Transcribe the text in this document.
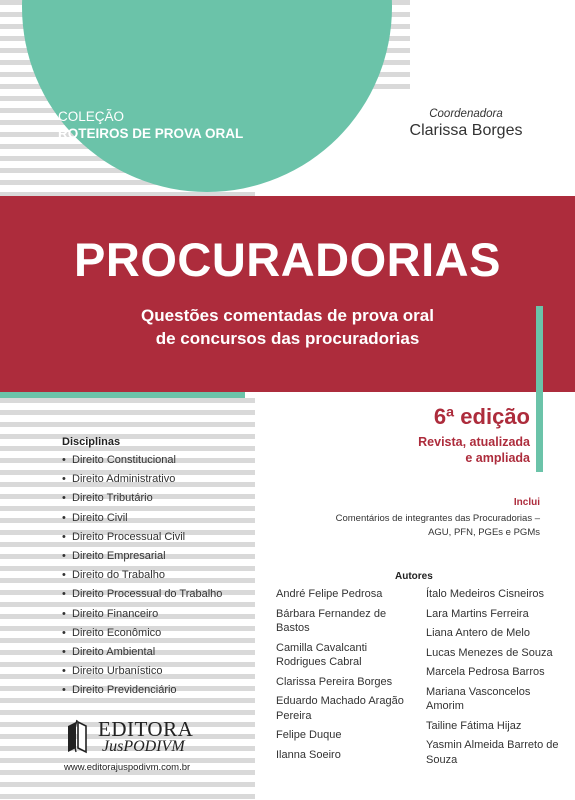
COLEÇÃO
ROTEIROS DE PROVA ORAL
Coordenadora
Clarissa Borges
PROCURADORIAS
Questões comentadas de prova oral
de concursos das procuradorias
6ª edição
Revista, atualizada
e ampliada
Disciplinas
• Direito Constitucional
• Direito Administrativo
• Direito Tributário
• Direito Civil
• Direito Processual Civil
• Direito Empresarial
• Direito do Trabalho
• Direito Processual do Trabalho
• Direito Financeiro
• Direito Econômico
• Direito Ambiental
• Direito Urbanístico
• Direito Previdenciário
Inclui
Comentários de integrantes das Procuradorias –
AGU, PFN, PGEs e PGMs
Autores
André Felipe Pedrosa
Bárbara Fernandez de Bastos
Camilla Cavalcanti Rodrigues Cabral
Clarissa Pereira Borges
Eduardo Machado Aragão Pereira
Felipe Duque
Ilanna Soeiro
Ítalo Medeiros Cisneiros
Lara Martins Ferreira
Liana Antero de Melo
Lucas Menezes de Souza
Marcela Pedrosa Barros
Mariana Vasconcelos Amorim
Tailine Fátima Hijaz
Yasmin Almeida Barreto de Souza
EDITORA
JusPODIVM
www.editorajuspodivm.com.br
